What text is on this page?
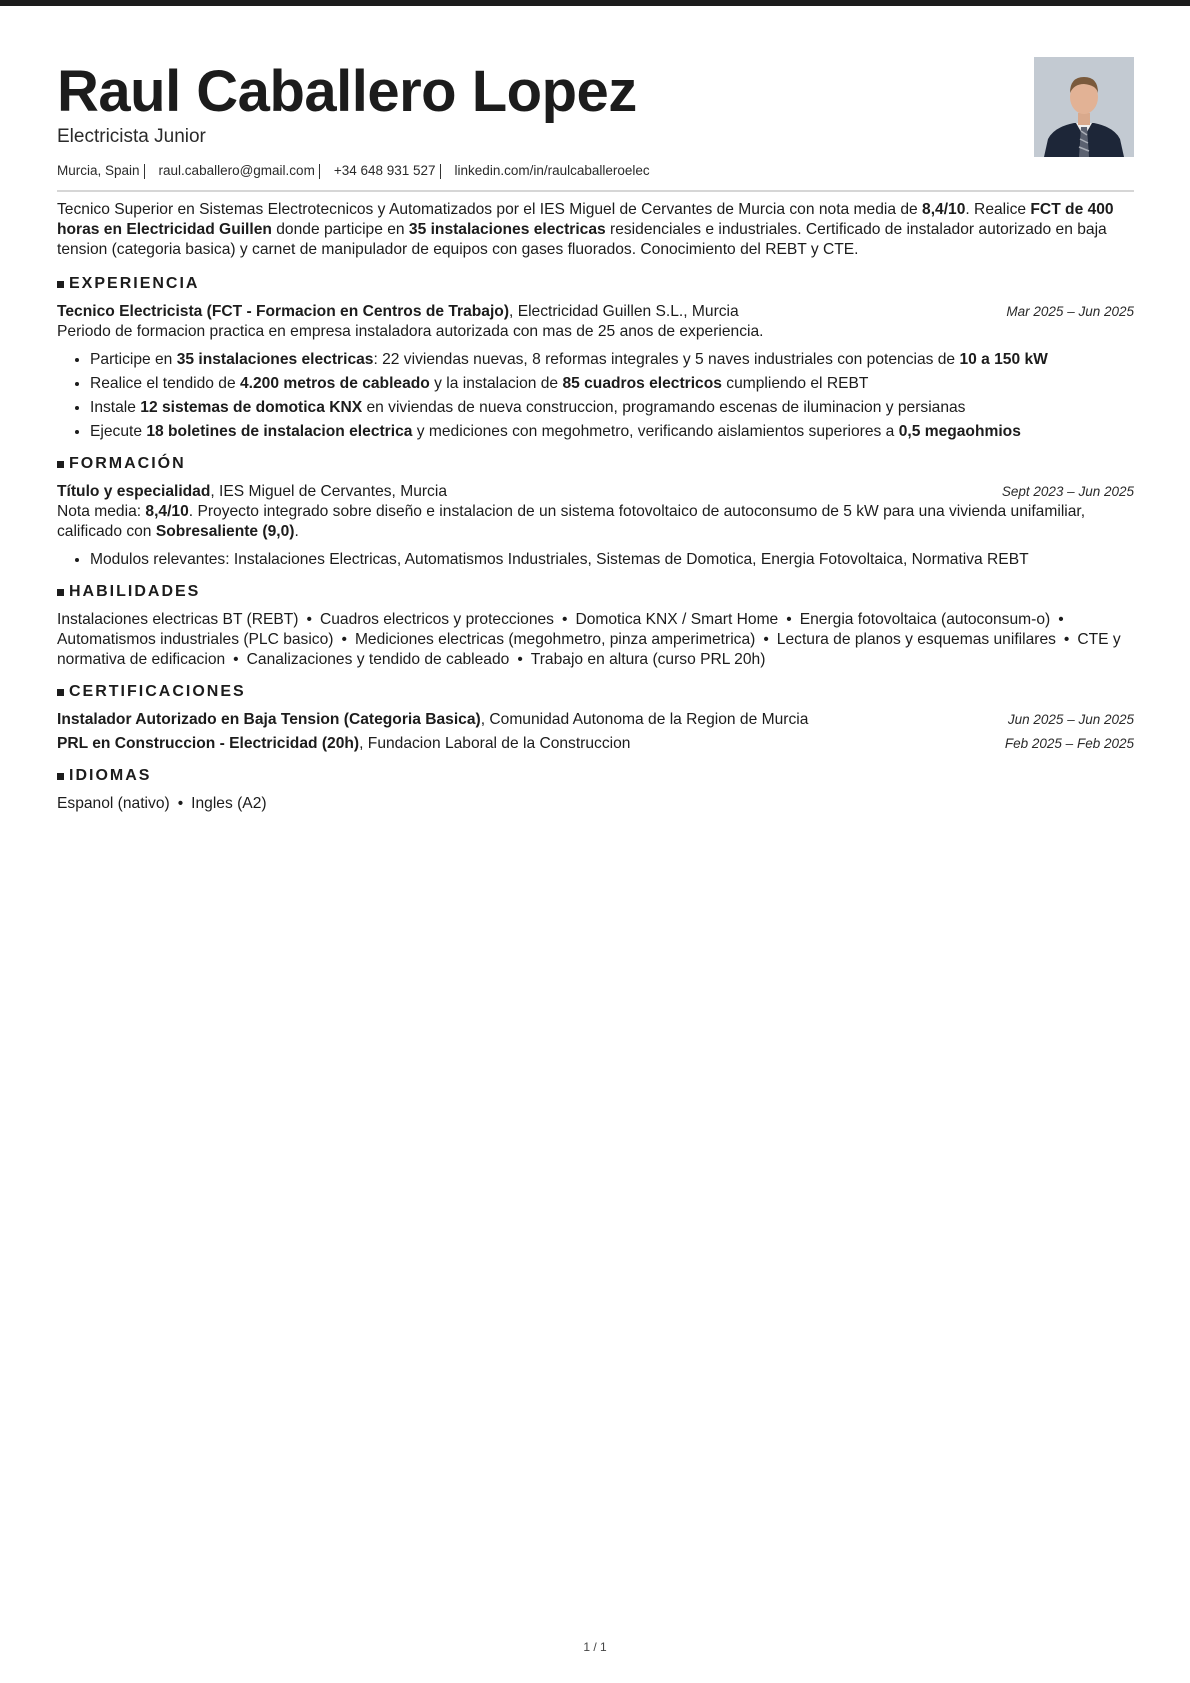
Raul Caballero Lopez
Electricista Junior
Murcia, Spain raul.caballero@gmail.com +34 648 931 527 linkedin.com/in/raulcaballeroelec

Tecnico Superior en Sistemas Electrotecnicos y Automatizados por el IES Miguel de Cervantes de Murcia con nota media de 8,4/10. Realice FCT de 400 horas en Electricidad Guillen donde participe en 35 instalaciones electricas residenciales e industriales. Certificado de instalador autorizado en baja tension (categoria basica) y carnet de manipulador de equipos con gases fluorados. Conocimiento del REBT y CTE.

EXPERIENCIA
Tecnico Electricista (FCT - Formacion en Centros de Trabajo), Electricidad Guillen S.L., Murcia	Mar 2025 – Jun 2025
Periodo de formacion practica en empresa instaladora autorizada con mas de 25 anos de experiencia.
• Participe en 35 instalaciones electricas: 22 viviendas nuevas, 8 reformas integrales y 5 naves industriales con potencias de 10 a 150 kW
• Realice el tendido de 4.200 metros de cableado y la instalacion de 85 cuadros electricos cumpliendo el REBT
• Instale 12 sistemas de domotica KNX en viviendas de nueva construccion, programando escenas de iluminacion y persianas
• Ejecute 18 boletines de instalacion electrica y mediciones con megohmetro, verificando aislamientos superiores a 0,5 megaohmios
FORMACIÓN
Título y especialidad, IES Miguel de Cervantes, Murcia	Sept 2023 – Jun 2025
Nota media: 8,4/10. Proyecto integrado sobre diseño e instalacion de un sistema fotovoltaico de autoconsumo de 5 kW para una vivienda unifamiliar, calificado con Sobresaliente (9,0).
• Modulos relevantes: Instalaciones Electricas, Automatismos Industriales, Sistemas de Domotica, Energia Fotovoltaica, Normativa REBT
HABILIDADES
Instalaciones electricas BT (REBT) • Cuadros electricos y protecciones • Domotica KNX / Smart Home • Energia fotovoltaica (autoconsum-o) •Automatismos industriales (PLC basico) • Mediciones electricas (megohmetro, pinza amperimetrica) • Lectura de planos y esquemas unifilares • CTE y normativa de edificacion • Canalizaciones y tendido de cableado • Trabajo en altura (curso PRL 20h)
CERTIFICACIONES
Instalador Autorizado en Baja Tension (Categoria Basica), Comunidad Autonoma de la Region de Murcia	Jun 2025 – Jun 2025
PRL en Construccion - Electricidad (20h), Fundacion Laboral de la Construccion	Feb 2025 – Feb 2025
IDIOMAS
Espanol (nativo) • Ingles (A2)
1 / 1
